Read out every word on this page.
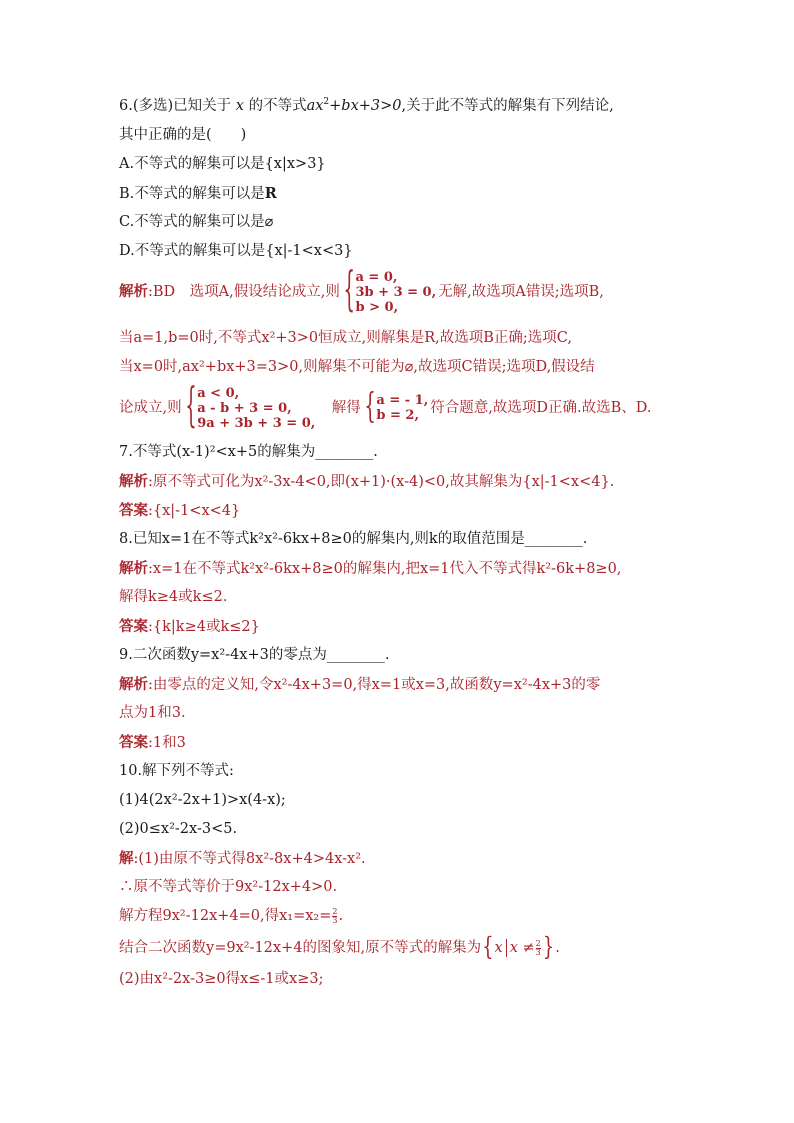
6.(多选)已知关于 x 的不等式$ax^2+bx+3>0$,关于此不等式的解集有下列结论,
其中正确的是(　　)
A.不等式的解集可以是{x|x>3}
B.不等式的解集可以是R
C.不等式的解集可以是⌀
D.不等式的解集可以是{x|-1<x<3}
解析:BD　选项A,假设结论成立,则
{ a = 0,
3b + 3 = 0,
b > 0,
无解,故选项A错误;选项B,
当a=1,b=0时,不等式x²+3>0恒成立,则解集是R,故选项B正确;选项C,
当x=0时,ax²+bx+3=3>0,则解集不可能为⌀,故选项C错误;选项D,假设结
论成立,则
{ a < 0,
a - b + 3 = 0,
9a + 3b + 3 = 0,
　解得
{ a = - 1,
b = 2, 符合题意,故选项D正确.故选B、D.
7.不等式(x-1)²<x+5的解集为________.
解析:原不等式可化为x²-3x-4<0,即(x+1)·(x-4)<0,故其解集为{x|-1<x<4}.
答案:{x|-1<x<4}
8.已知x=1在不等式k²x²-6kx+8≥0的解集内,则k的取值范围是________.
解析:x=1在不等式k²x²-6kx+8≥0的解集内,把x=1代入不等式得k²-6k+8≥0,
解得k≥4或k≤2.
答案:{k|k≥4或k≤2}
9.二次函数y=x²-4x+3的零点为________.
解析:由零点的定义知,令x²-4x+3=0,得x=1或x=3,故函数y=x²-4x+3的零
点为1和3.
答案:1和3
10.解下列不等式:
(1)4(2x²-2x+1)>x(4-x);
(2)0≤x²-2x-3<5.
解:(1)由原不等式得8x²-8x+4>4x-x².
∴原不等式等价于9x²-12x+4>0.
解方程9x²-12x+4=0,得$x_1=x_2= \frac{2}{3}$ .
结合二次函数y=9x²-12x+4的图象知,原不等式的解集为{x $x \ne \frac{2}{3}$ }.
(2)由x²-2x-3≥0得x≤-1或x≥3;
